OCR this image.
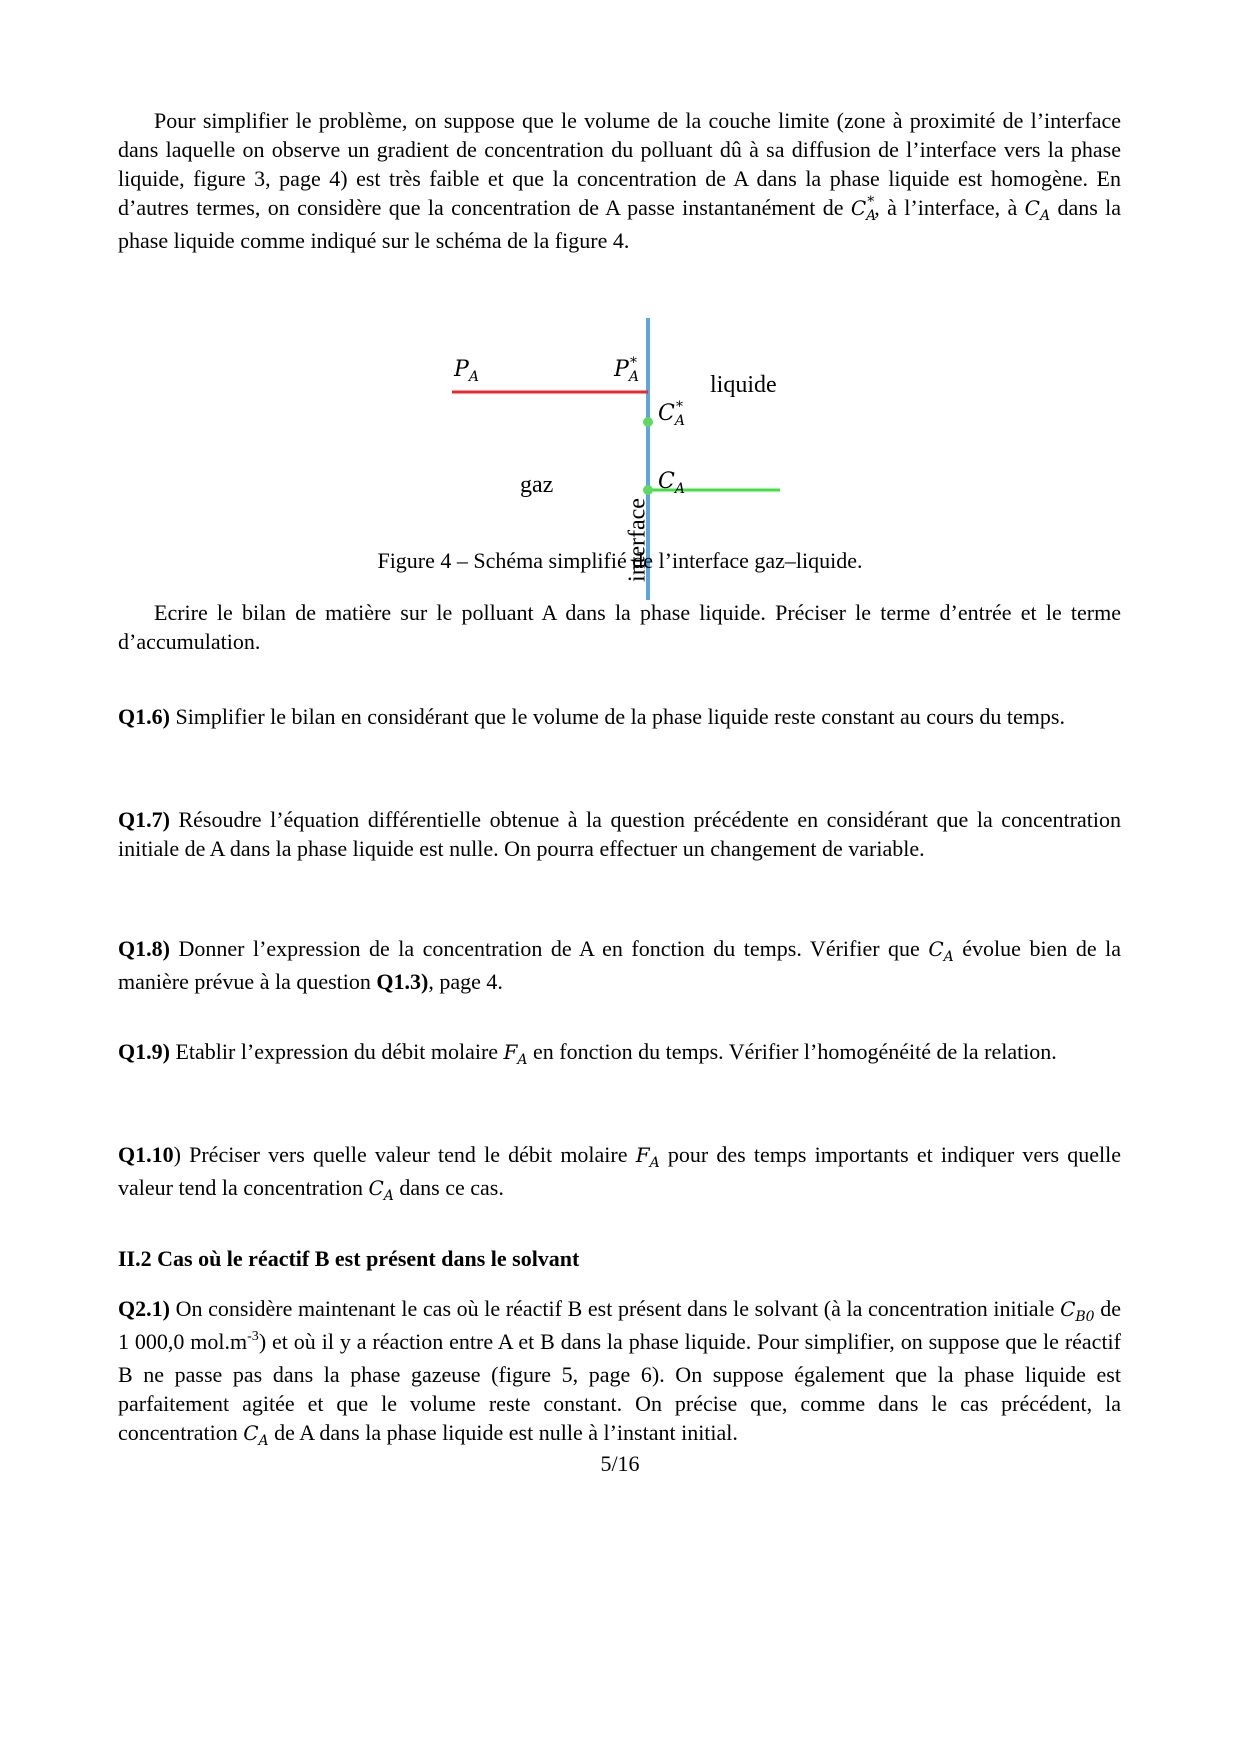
Pour simplifier le problème, on suppose que le volume de la couche limite (zone à proximité de l’interface dans laquelle on observe un gradient de concentration du polluant dû à sa diffusion de l’interface vers la phase liquide, figure 3, page 4) est très faible et que la concentration de A dans la phase liquide est homogène. En d’autres termes, on considère que la concentration de A passe instantanément de $C_A^*$, à l’interface, à $C_A$ dans la phase liquide comme indiqué sur le schéma de la figure 4.

$P_A$	$P_A^*$
$C_A^*$
$C_A$
liquide
gaz
interface
Figure 4 – Schéma simplifié de l’interface gaz–liquide.

Ecrire le bilan de matière sur le polluant A dans la phase liquide. Préciser le terme d’entrée et le terme d’accumulation.

Q1.6) Simplifier le bilan en considérant que le volume de la phase liquide reste constant au cours du temps.

Q1.7) Résoudre l’équation différentielle obtenue à la question précédente en considérant que la concentration initiale de A dans la phase liquide est nulle. On pourra effectuer un changement de variable.

Q1.8) Donner l’expression de la concentration de A en fonction du temps. Vérifier que $C_A$ évolue bien de la manière prévue à la question Q1.3), page 4.

Q1.9) Etablir l’expression du débit molaire $F_A$ en fonction du temps. Vérifier l’homogénéité de la relation.

Q1.10) Préciser vers quelle valeur tend le débit molaire $F_A$ pour des temps importants et indiquer vers quelle valeur tend la concentration $C_A$ dans ce cas.

II.2 Cas où le réactif B est présent dans le solvant

Q2.1) On considère maintenant le cas où le réactif B est présent dans le solvant (à la concentration initiale $C_{B0}$ de 1 000,0 $mol.m^{-3}$) et où il y a réaction entre A et B dans la phase liquide. Pour simplifier, on suppose que le réactif B ne passe pas dans la phase gazeuse (figure 5, page 6). On suppose également que la phase liquide est parfaitement agitée et que le volume reste constant. On précise que, comme dans le cas précédent, la concentration $C_A$ de A dans la phase liquide est nulle à l’instant initial.

5/16
